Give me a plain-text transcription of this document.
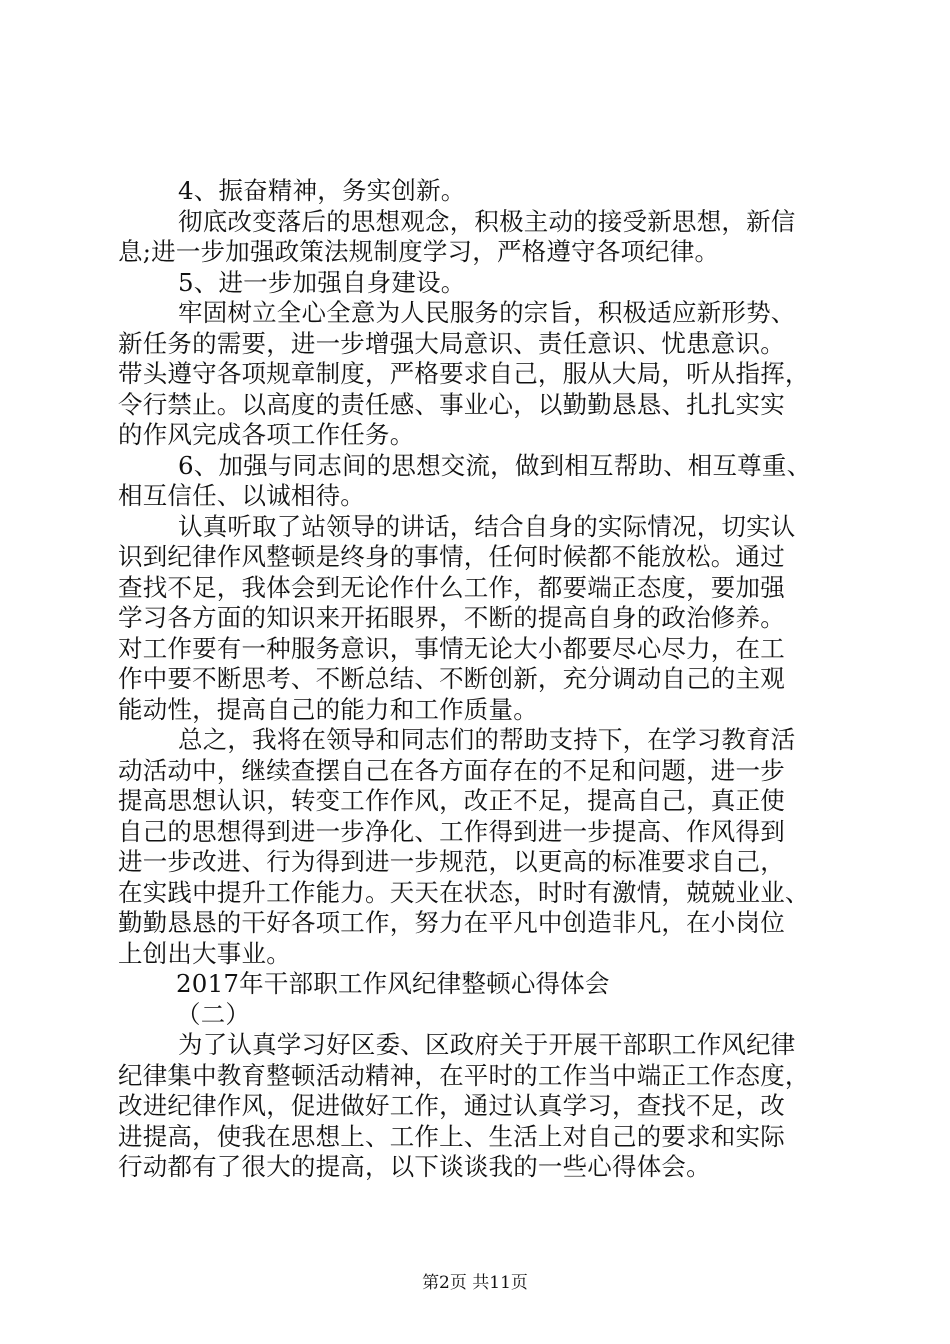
4、振奋精神，务实创新。
彻底改变落后的思想观念，积极主动的接受新思想，新信
息;进一步加强政策法规制度学习，严格遵守各项纪律。
5、进一步加强自身建设。
牢固树立全心全意为人民服务的宗旨，积极适应新形势、
新任务的需要，进一步增强大局意识、责任意识、忧患意识。
带头遵守各项规章制度，严格要求自己，服从大局，听从指挥，
令行禁止。以高度的责任感、事业心，以勤勤恳恳、扎扎实实
的作风完成各项工作任务。
6、加强与同志间的思想交流，做到相互帮助、相互尊重、
相互信任、以诚相待。
认真听取了站领导的讲话，结合自身的实际情况，切实认
识到纪律作风整顿是终身的事情，任何时候都不能放松。通过
查找不足，我体会到无论作什么工作，都要端正态度，要加强
学习各方面的知识来开拓眼界，不断的提高自身的政治修养。
对工作要有一种服务意识，事情无论大小都要尽心尽力，在工
作中要不断思考、不断总结、不断创新，充分调动自己的主观
能动性，提高自己的能力和工作质量。
总之，我将在领导和同志们的帮助支持下，在学习教育活
动活动中，继续查摆自己在各方面存在的不足和问题，进一步
提高思想认识，转变工作作风，改正不足，提高自己，真正使
自己的思想得到进一步净化、工作得到进一步提高、作风得到
进一步改进、行为得到进一步规范，以更高的标准要求自己，
在实践中提升工作能力。天天在状态，时时有激情，兢兢业业、
勤勤恳恳的干好各项工作，努力在平凡中创造非凡，在小岗位
上创出大事业。
2017年干部职工作风纪律整顿心得体会
（二）
为了认真学习好区委、区政府关于开展干部职工作风纪律
纪律集中教育整顿活动精神，在平时的工作当中端正工作态度，
改进纪律作风，促进做好工作，通过认真学习，查找不足，改
进提高，使我在思想上、工作上、生活上对自己的要求和实际
行动都有了很大的提高，以下谈谈我的一些心得体会。
第2页 共11页
